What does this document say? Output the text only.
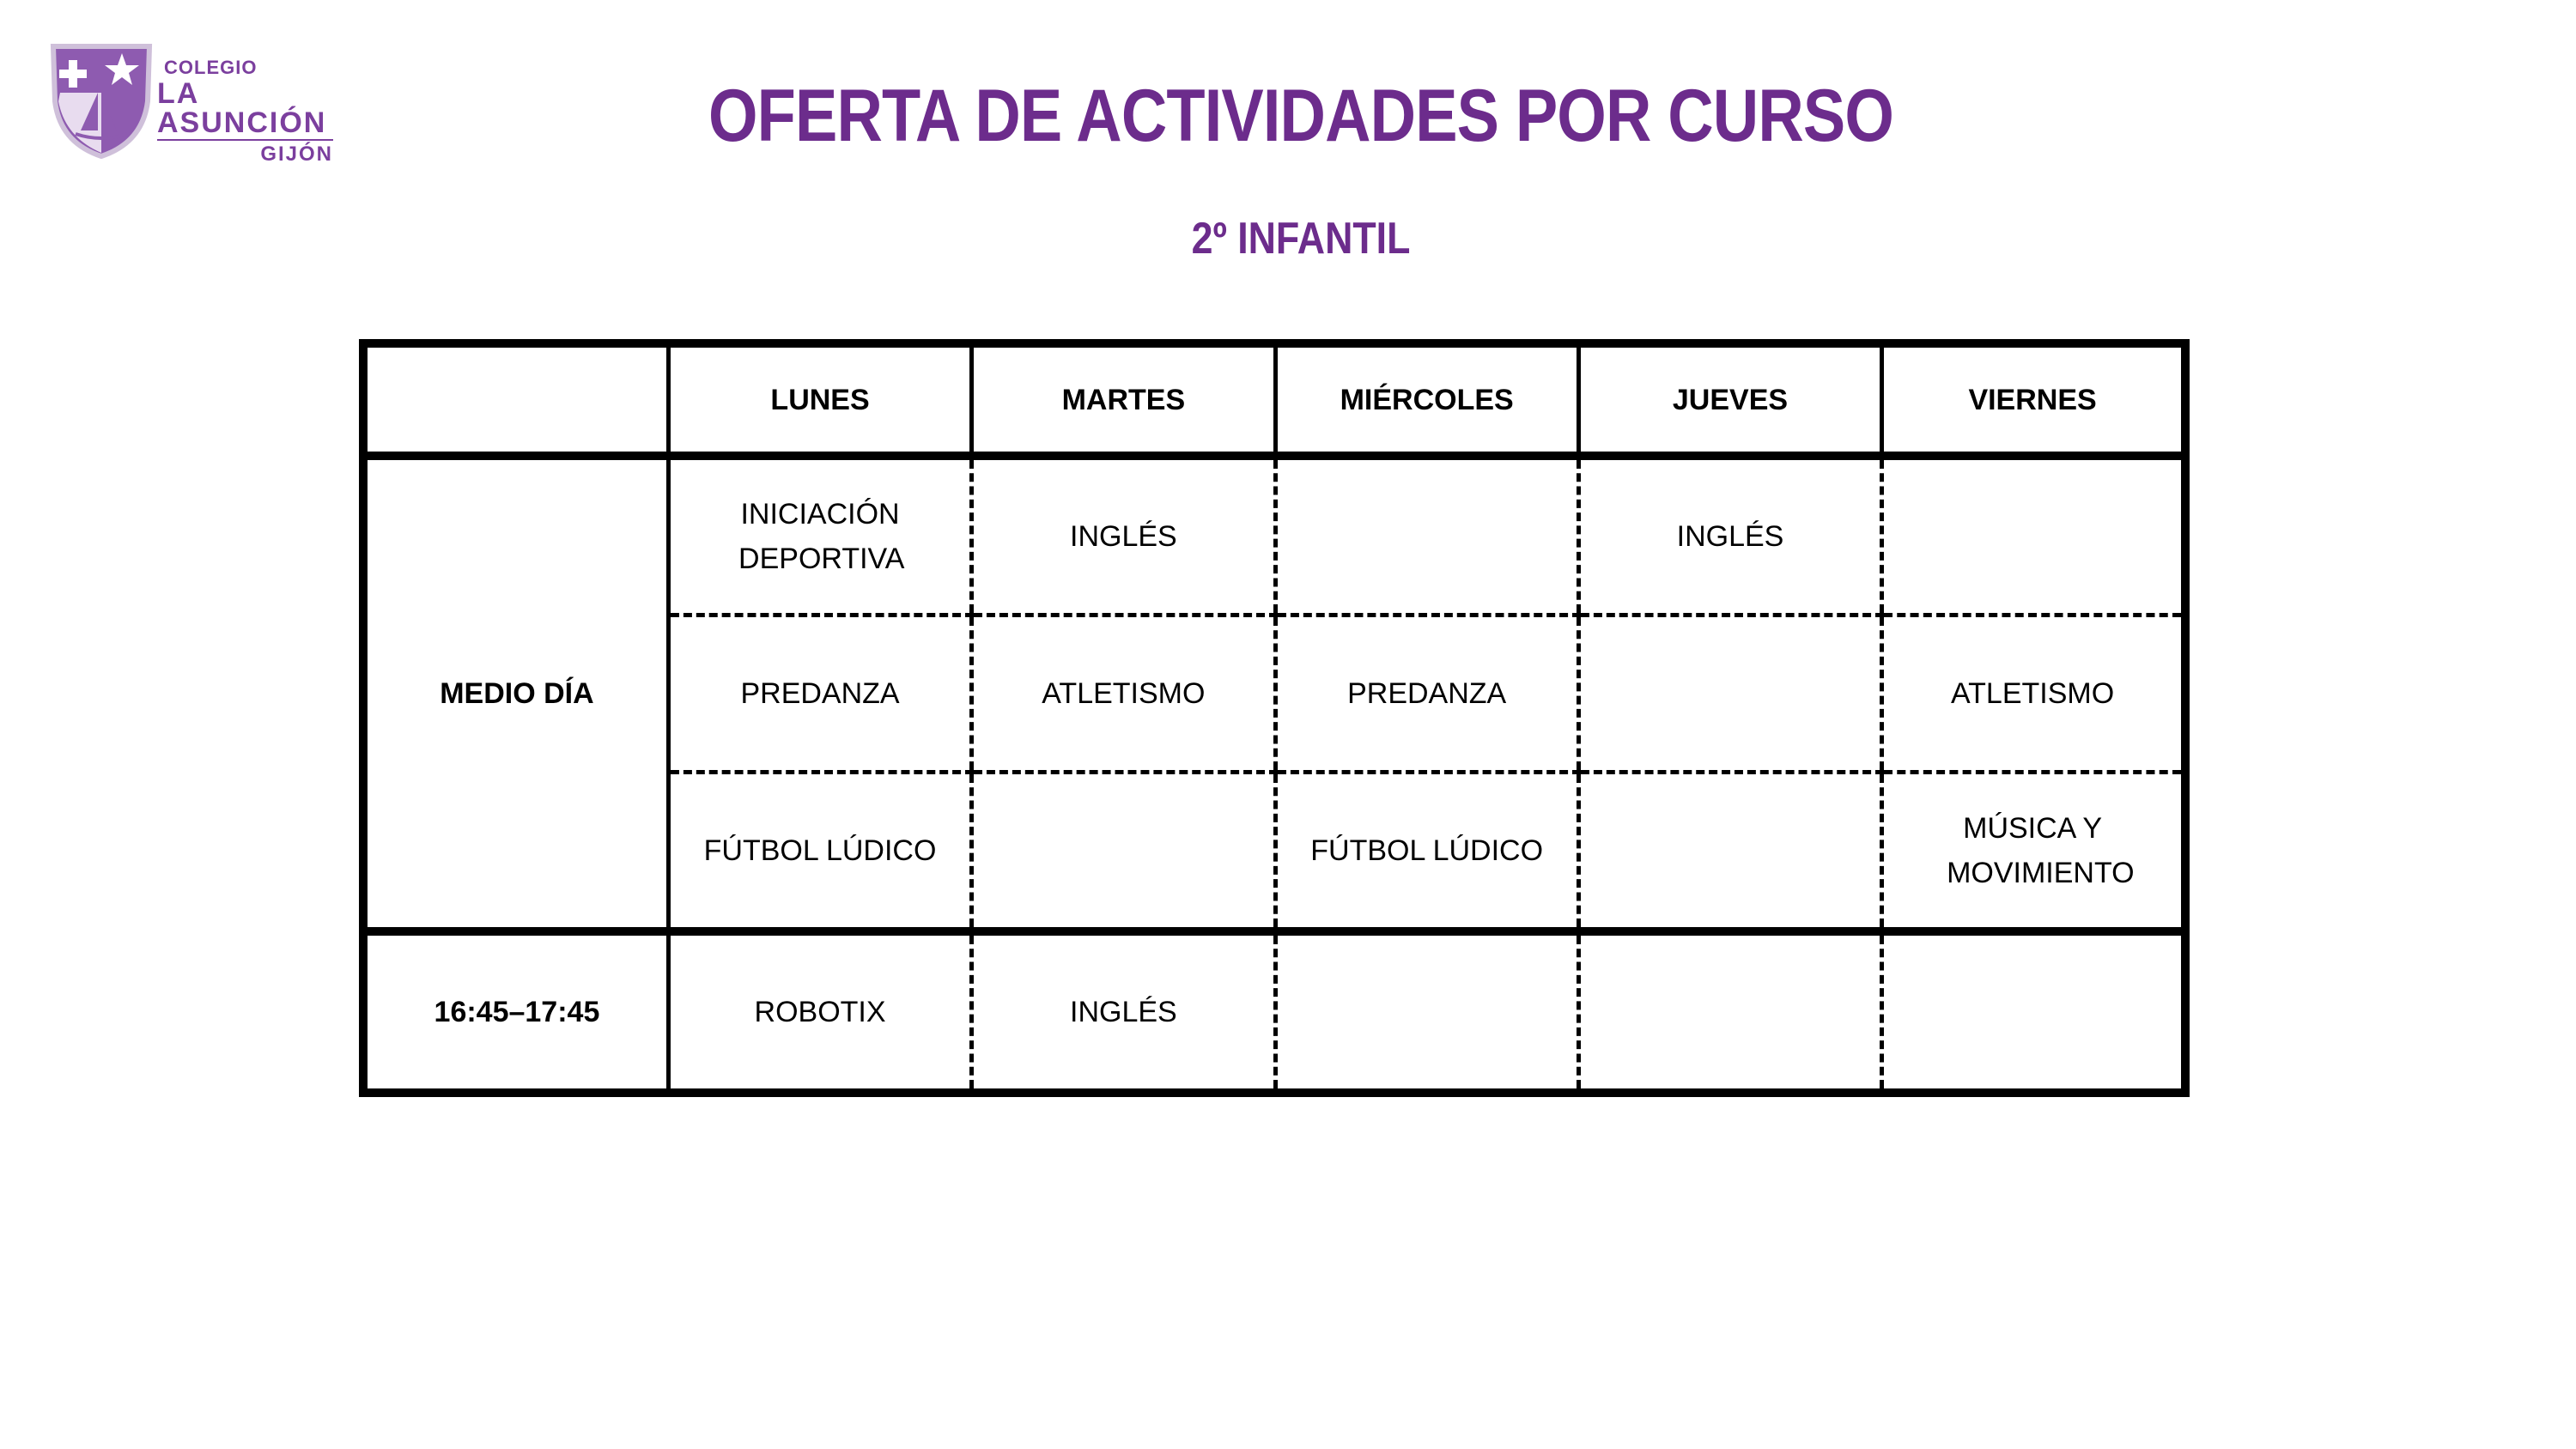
COLEGIO
LA ASUNCIÓN
GIJÓN	OFERTA DE ACTIVIDADES POR CURSO
2º INFANTIL
	LUNES	MARTES	MIÉRCOLES	JUEVES	VIERNES
MEDIO DÍA	INICIACIÓN DEPORTIVA	INGLÉS		INGLÉS	
	PREDANZA	ATLETISMO	PREDANZA		ATLETISMO
	FÚTBOL LÚDICO		FÚTBOL LÚDICO		MÚSICA Y MOVIMIENTO
16:45–17:45	ROBOTIX	INGLÉS			
